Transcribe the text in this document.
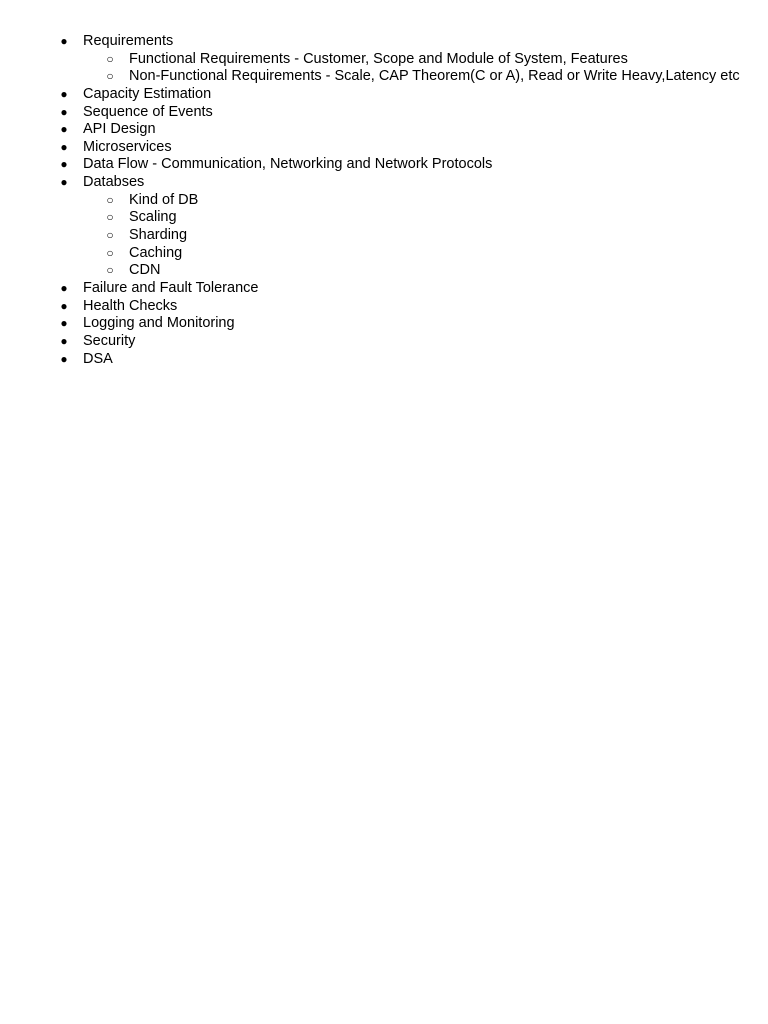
● Requirements
○ Functional Requirements - Customer, Scope and Module of System, Features
○ Non-Functional Requirements - Scale, CAP Theorem(C or A), Read or Write Heavy,Latency etc
● Capacity Estimation
● Sequence of Events
● API Design
● Microservices
● Data Flow - Communication, Networking and Network Protocols
● Databses
○ Kind of DB
○ Scaling
○ Sharding
○ Caching
○ CDN
● Failure and Fault Tolerance
● Health Checks
● Logging and Monitoring
● Security
● DSA
